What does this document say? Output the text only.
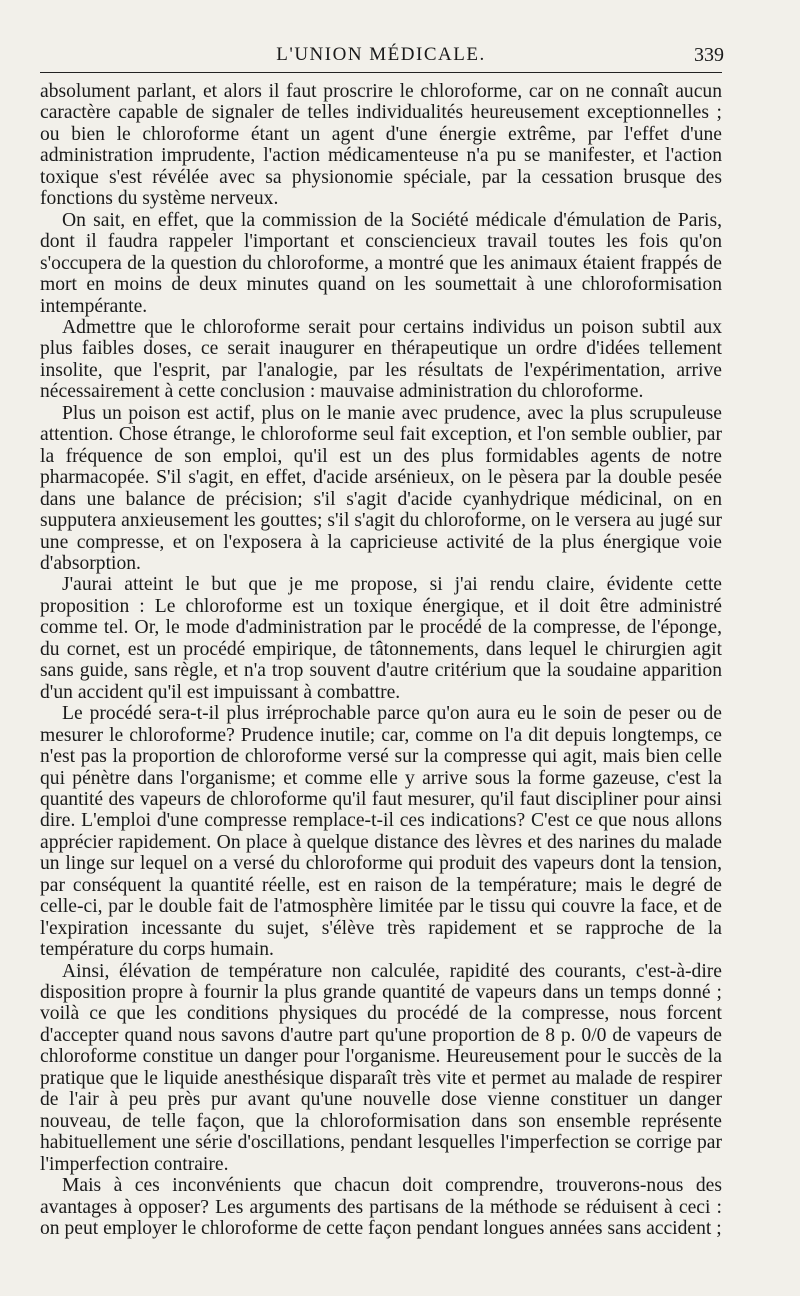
L'UNION MÉDICALE.	339

absolument parlant, et alors il faut proscrire le chloroforme, car on ne connaît aucun caractère capable de signaler de telles individualités heureusement exceptionnelles ; ou bien le chloroforme étant un agent d'une énergie extrême, par l'effet d'une administration imprudente, l'action médicamenteuse n'a pu se manifester, et l'action toxique s'est révélée avec sa physionomie spéciale, par la cessation brusque des fonctions du système nerveux.

On sait, en effet, que la commission de la Société médicale d'émulation de Paris, dont il faudra rappeler l'important et consciencieux travail toutes les fois qu'on s'occupera de la question du chloroforme, a montré que les animaux étaient frappés de mort en moins de deux minutes quand on les soumettait à une chloroformisation intempérante.

Admettre que le chloroforme serait pour certains individus un poison subtil aux plus faibles doses, ce serait inaugurer en thérapeutique un ordre d'idées tellement insolite, que l'esprit, par l'analogie, par les résultats de l'expérimentation, arrive nécessairement à cette conclusion : mauvaise administration du chloroforme.

Plus un poison est actif, plus on le manie avec prudence, avec la plus scrupuleuse attention. Chose étrange, le chloroforme seul fait exception, et l'on semble oublier, par la fréquence de son emploi, qu'il est un des plus formidables agents de notre pharmacopée. S'il s'agit, en effet, d'acide arsénieux, on le pèsera par la double pesée dans une balance de précision; s'il s'agit d'acide cyanhydrique médicinal, on en supputera anxieusement les gouttes; s'il s'agit du chloroforme, on le versera au jugé sur une compresse, et on l'exposera à la capricieuse activité de la plus énergique voie d'absorption.

J'aurai atteint le but que je me propose, si j'ai rendu claire, évidente cette proposition : Le chloroforme est un toxique énergique, et il doit être administré comme tel. Or, le mode d'administration par le procédé de la compresse, de l'éponge, du cornet, est un procédé empirique, de tâtonnements, dans lequel le chirurgien agit sans guide, sans règle, et n'a trop souvent d'autre critérium que la soudaine apparition d'un accident qu'il est impuissant à combattre.

Le procédé sera-t-il plus irréprochable parce qu'on aura eu le soin de peser ou de mesurer le chloroforme? Prudence inutile; car, comme on l'a dit depuis longtemps, ce n'est pas la proportion de chloroforme versé sur la compresse qui agit, mais bien celle qui pénètre dans l'organisme; et comme elle y arrive sous la forme gazeuse, c'est la quantité des vapeurs de chloroforme qu'il faut mesurer, qu'il faut discipliner pour ainsi dire. L'emploi d'une compresse remplace-t-il ces indications? C'est ce que nous allons apprécier rapidement. On place à quelque distance des lèvres et des narines du malade un linge sur lequel on a versé du chloroforme qui produit des vapeurs dont la tension, par conséquent la quantité réelle, est en raison de la température; mais le degré de celle-ci, par le double fait de l'atmosphère limitée par le tissu qui couvre la face, et de l'expiration incessante du sujet, s'élève très rapidement et se rapproche de la température du corps humain.

Ainsi, élévation de température non calculée, rapidité des courants, c'est-à-dire disposition propre à fournir la plus grande quantité de vapeurs dans un temps donné ; voilà ce que les conditions physiques du procédé de la compresse, nous forcent d'accepter quand nous savons d'autre part qu'une proportion de 8 p. 0/0 de vapeurs de chloroforme constitue un danger pour l'organisme. Heureusement pour le succès de la pratique que le liquide anesthésique disparaît très vite et permet au malade de respirer de l'air à peu près pur avant qu'une nouvelle dose vienne constituer un danger nouveau, de telle façon, que la chloroformisation dans son ensemble représente habituellement une série d'oscillations, pendant lesquelles l'imperfection se corrige par l'imperfection contraire.

Mais à ces inconvénients que chacun doit comprendre, trouverons-nous des avantages à opposer? Les arguments des partisans de la méthode se réduisent à ceci : on peut employer le chloroforme de cette façon pendant longues années sans accident ;
